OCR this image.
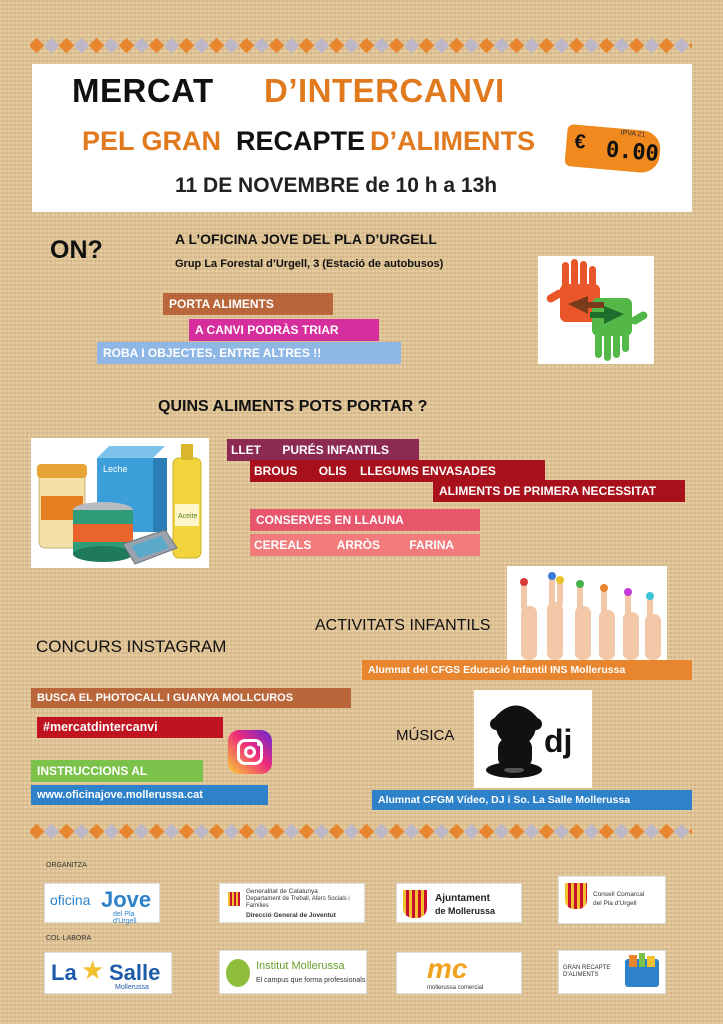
MERCAT D’INTERCANVI
PEL GRAN RECAPTE D’ALIMENTS
11 DE NOVEMBRE de 10 h a 13h
€ 0.00
IPVA 21
ON?	A L’OFICINA JOVE DEL PLA D’URGELL
Grup La Forestal d’Urgell, 3 (Estació de autobusos)
PORTA ALIMENTS
A CANVI PODRÀS TRIAR
ROBA I OBJECTES, ENTRE ALTRES !!
QUINS ALIMENTS POTS PORTAR ?
Leche
Aceite
LLET PURÉS INFANTILS
BROUS OLIS LLEGUMS ENVASADES
ALIMENTS DE PRIMERA NECESSITAT
CONSERVES EN LLAUNA
CEREALS ARRÒS FARINA
ACTIVITATS INFANTILS
Alumnat del CFGS Educació Infantil INS Mollerussa
CONCURS INSTAGRAM
BUSCA EL PHOTOCALL I GUANYA MOLLCUROS
#mercatdintercanvi
INSTRUCCIONS AL
www.oficinajove.mollerussa.cat
MÚSICA	dj
Alumnat CFGM Vídeo, DJ i So. La Salle Mollerussa
ORGANITZA
oficina Jove
del Pla d'Urgell
Generalitat de Catalunya
Departament de Treball, Afers Socials i Famílies
Direcció General de Joventut
Ajuntament
de Mollerussa
Consell Comarcal
del Pla d'Urgell
COL·LABORA
La ★ Salle
Mollerussa
Institut Mollerussa
El campus que forma professionals mc
mollerussa comercial
GRAN RECAPTE D'ALIMENTS
